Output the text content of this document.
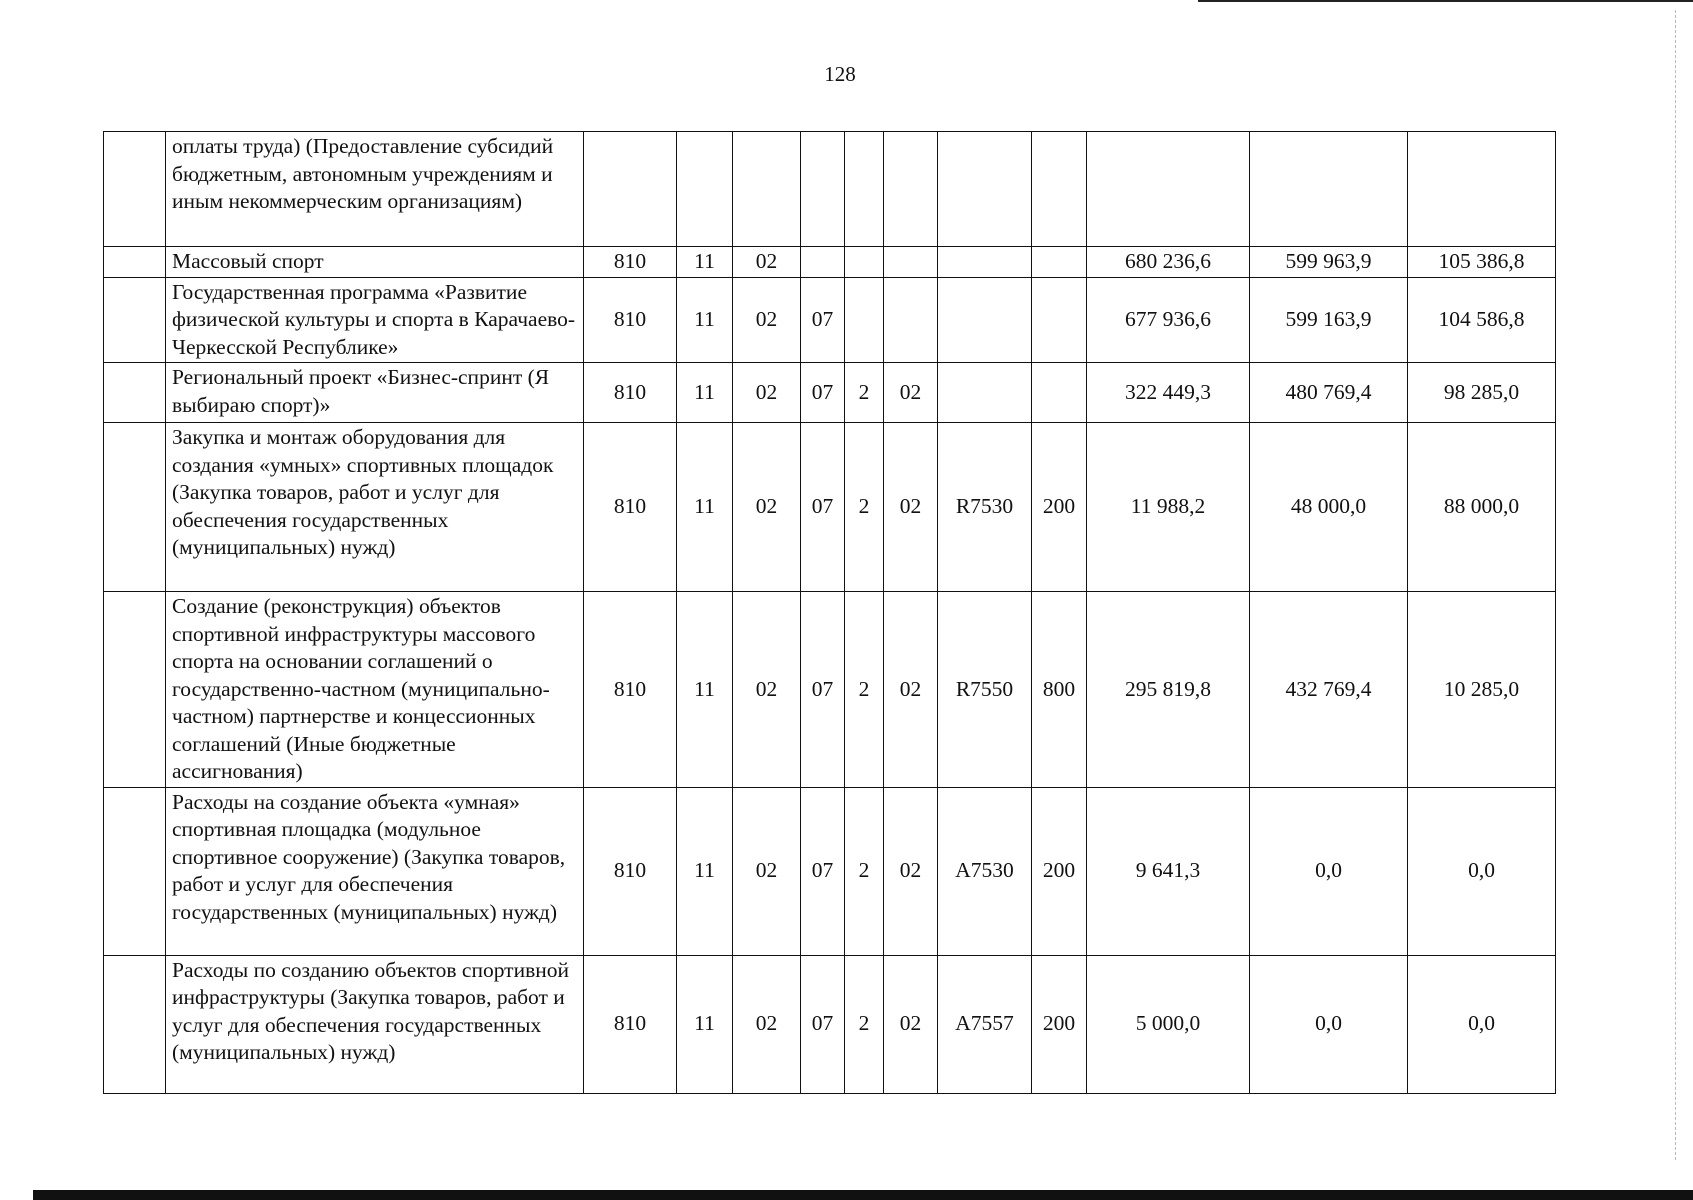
128
	оплаты труда) (Предоставление субсидий бюджетным, автономным учреждениям и иным некоммерческим организациям)											
	Массовый спорт	810	11	02						680 236,6	599 963,9	105 386,8
	Государственная программа «Развитие физической культуры и спорта в Карачаево-Черкесской Республике»	810	11	02	07					677 936,6	599 163,9	104 586,8
	Региональный проект «Бизнес-спринт (Я выбираю спорт)»	810	11	02	07	2	02			322 449,3	480 769,4	98 285,0
	Закупка и монтаж оборудования для создания «умных» спортивных площадок (Закупка товаров, работ и услуг для обеспечения государственных (муниципальных) нужд)	810	11	02	07	2	02	R7530	200	11 988,2	48 000,0	88 000,0
	Создание (реконструкция) объектов спортивной инфраструктуры массового спорта на основании соглашений о государственно-частном (муниципально-частном) партнерстве и концессионных соглашений (Иные бюджетные ассигнования)	810	11	02	07	2	02	R7550	800	295 819,8	432 769,4	10 285,0
	Расходы на создание объекта «умная» спортивная площадка (модульное спортивное сооружение) (Закупка товаров, работ и услуг для обеспечения государственных (муниципальных) нужд)	810	11	02	07	2	02	A7530	200	9 641,3	0,0	0,0
	Расходы по созданию объектов спортивной инфраструктуры (Закупка товаров, работ и услуг для обеспечения государственных (муниципальных) нужд)	810	11	02	07	2	02	A7557	200	5 000,0	0,0	0,0
